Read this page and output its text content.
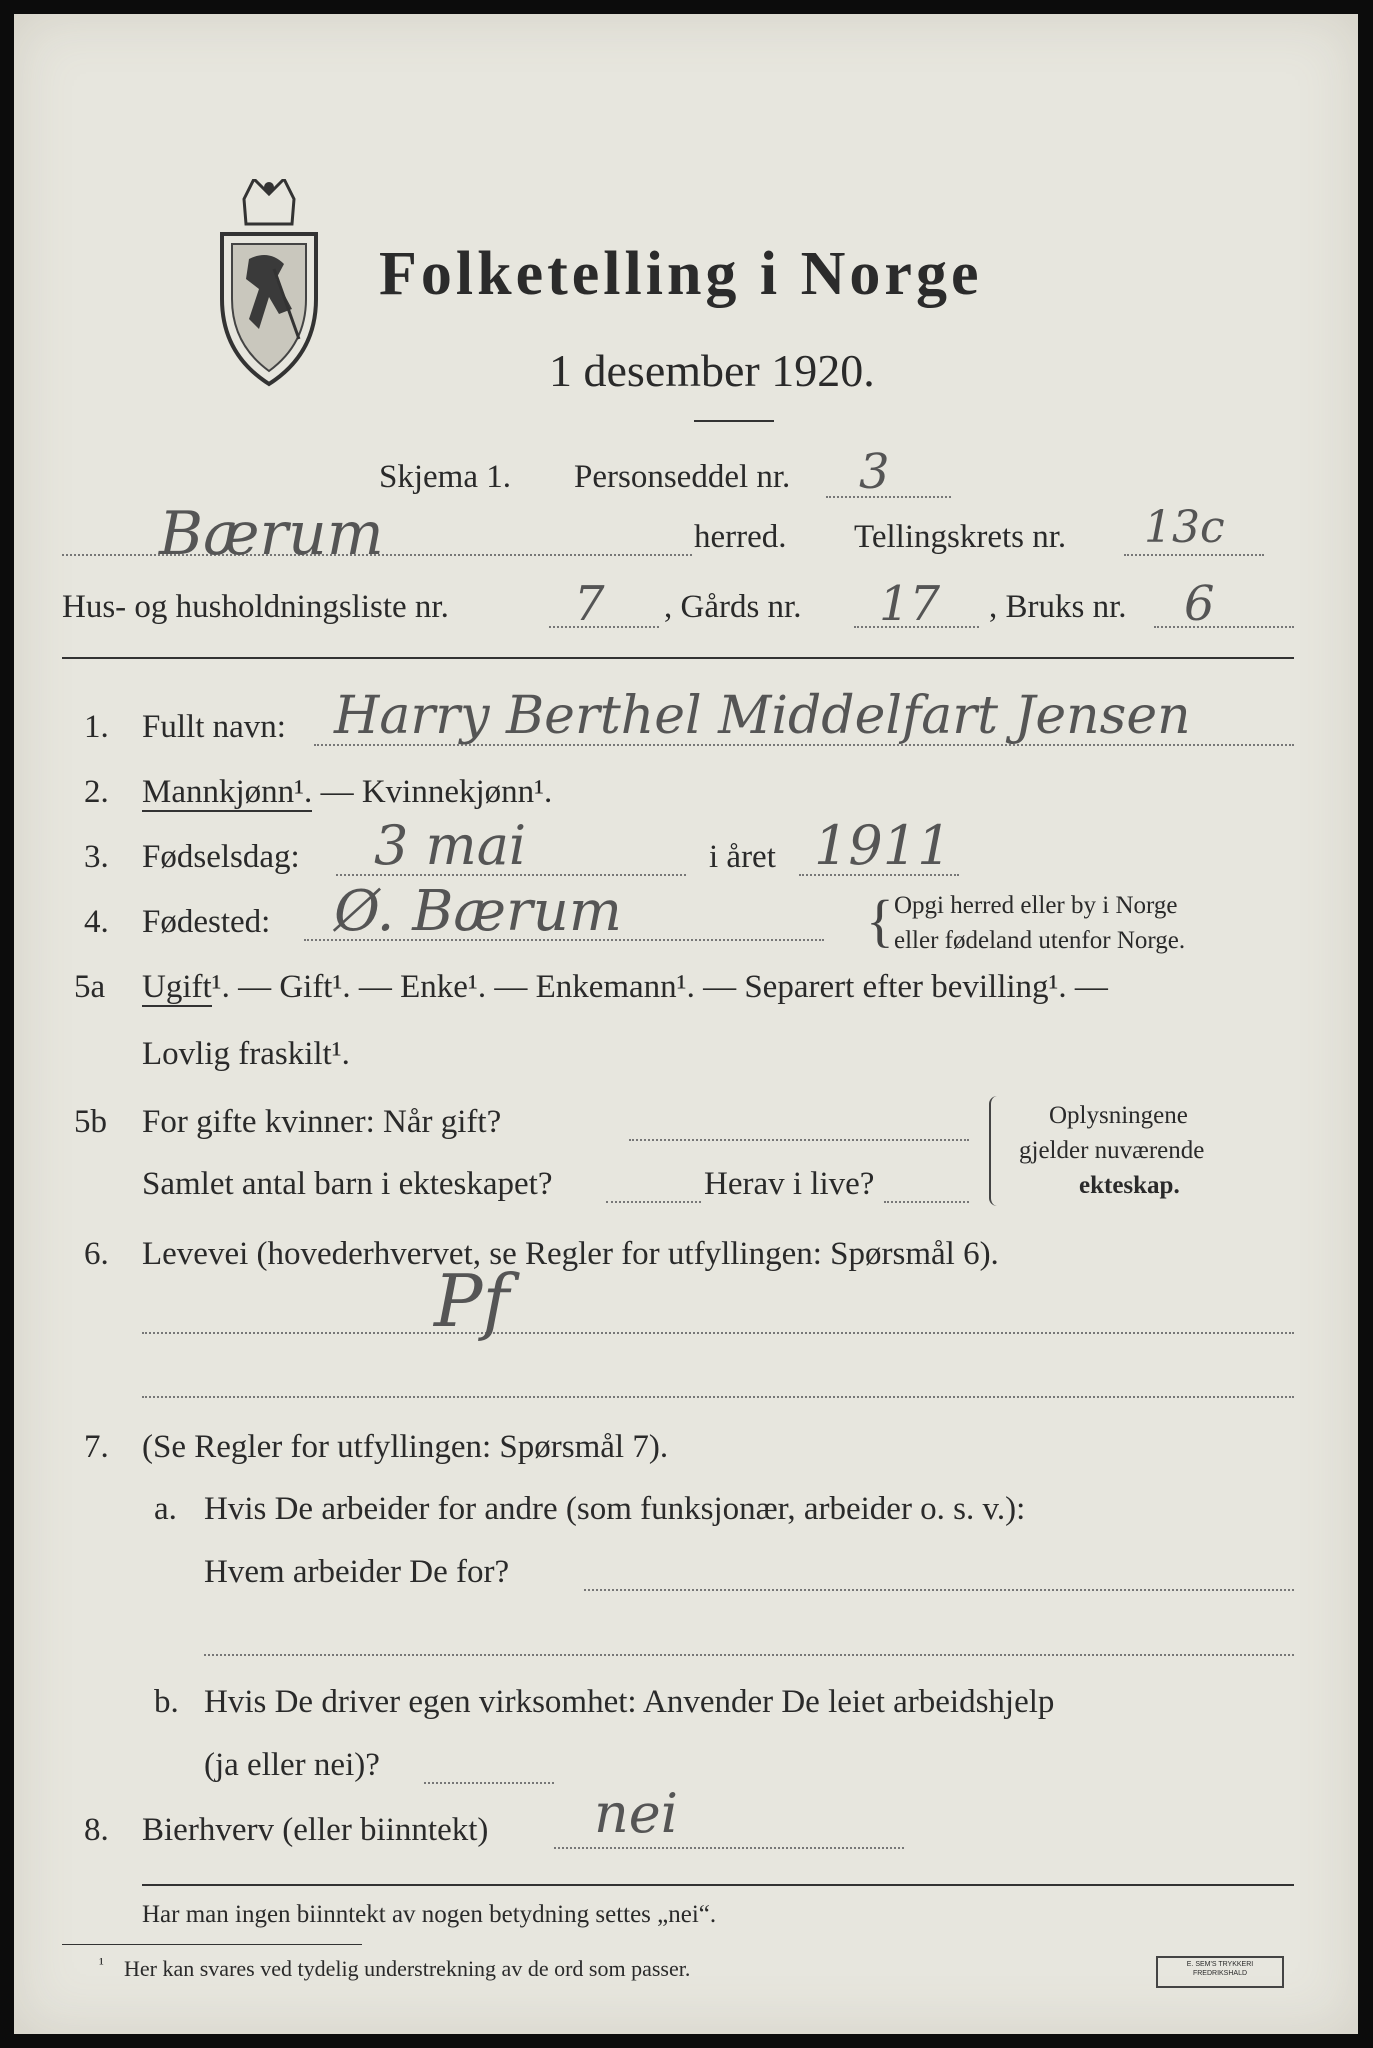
Folketelling i Norge
1 desember 1920.
Skjema 1. Personseddel nr. 3
Bærum	herred. Tellingskrets nr. 13c
Hus- og husholdningsliste nr.	7 , Gårds nr. 17 , Bruks nr. 6
1. Fullt navn: Harry Berthel Middelfart Jensen
2. Mannkjønn¹. — Kvinnekjønn¹.
3. Fødselsdag: 3 mai	i året 1911
4. Fødested: Ø. Bærum	{ Opgi herred eller by i Norge
eller fødeland utenfor Norge.
5a Ugift¹. — Gift¹. — Enke¹. — Enkemann¹. — Separert efter bevilling¹. —
Lovlig fraskilt¹.
5b For gifte kvinner: Når gift?
Samlet antal barn i ekteskapet?	Herav i live?
Oplysningene
gjelder nuværende
ekteskap.
6. Levevei (hovederhvervet, se Regler for utfyllingen: Spørsmål 6).
Pf
7. (Se Regler for utfyllingen: Spørsmål 7).
a. Hvis De arbeider for andre (som funksjonær, arbeider o. s. v.):
Hvem arbeider De for?
b. Hvis De driver egen virksomhet: Anvender De leiet arbeidshjelp
(ja eller nei)?
8. Bierhverv (eller biinntekt) nei
Har man ingen biinntekt av nogen betydning settes „nei“.
¹ Her kan svares ved tydelig understrekning av de ord som passer.	E. SEM'S TRYKKERI
FREDRIKSHALD
